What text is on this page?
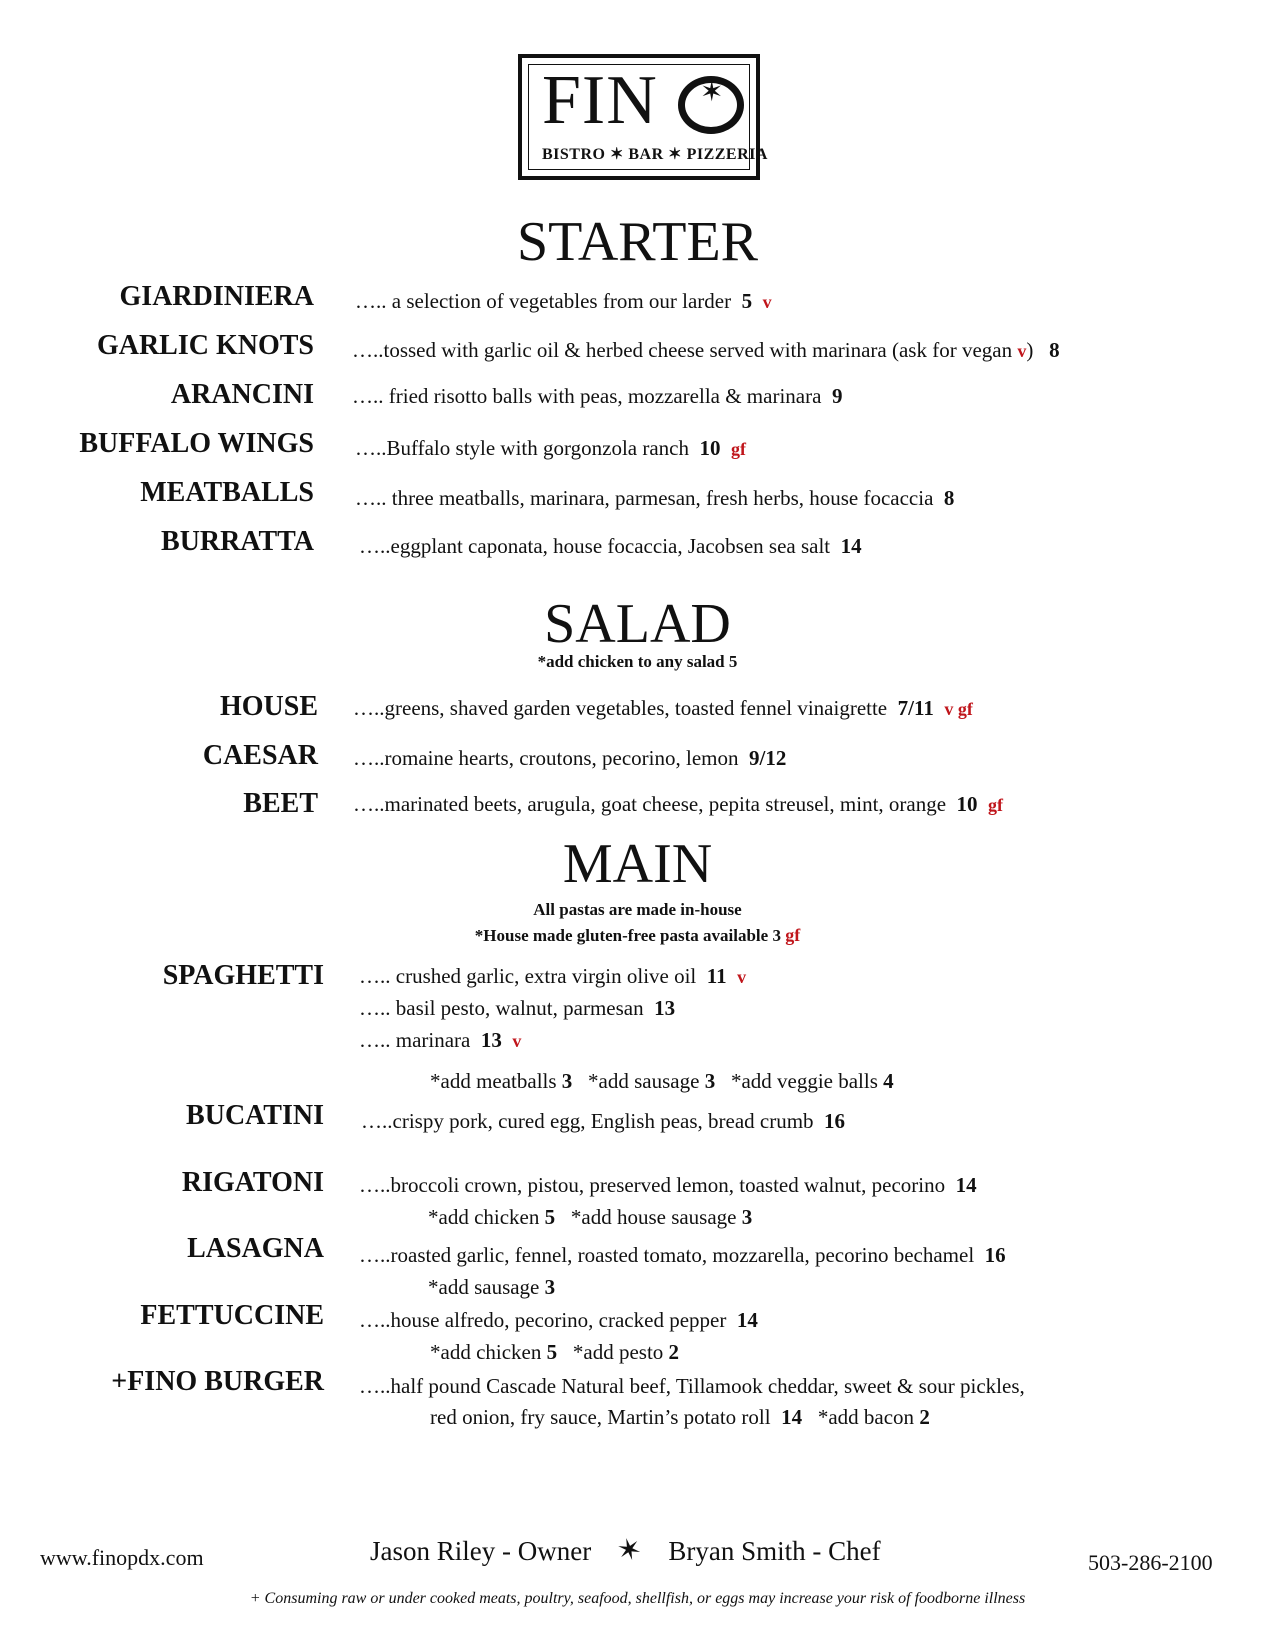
FIN ✶
BISTRO ✶ BAR ✶ PIZZERIA
STARTER
GIARDINIERA ….. a selection of vegetables from our larder 5 v
GARLIC KNOTS …..tossed with garlic oil & herbed cheese served with marinara (ask for vegan v) 8
ARANCINI ….. fried risotto balls with peas, mozzarella & marinara 9
BUFFALO WINGS …..Buffalo style with gorgonzola ranch 10 gf
MEATBALLS ….. three meatballs, marinara, parmesan, fresh herbs, house focaccia 8
BURRATTA …..eggplant caponata, house focaccia, Jacobsen sea salt 14
SALAD
*add chicken to any salad 5
HOUSE …..greens, shaved garden vegetables, toasted fennel vinaigrette 7/11 v gf
CAESAR …..romaine hearts, croutons, pecorino, lemon 9/12
BEET …..marinated beets, arugula, goat cheese, pepita streusel, mint, orange 10 gf
MAIN
All pastas are made in-house
*House made gluten-free pasta available 3 gf
SPAGHETTI ….. crushed garlic, extra virgin olive oil 11 v
….. basil pesto, walnut, parmesan 13
….. marinara 13 v
*add meatballs 3 *add sausage 3 *add veggie balls 4
BUCATINI …..crispy pork, cured egg, English peas, bread crumb 16
RIGATONI …..broccoli crown, pistou, preserved lemon, toasted walnut, pecorino 14
*add chicken 5 *add house sausage 3
LASAGNA …..roasted garlic, fennel, roasted tomato, mozzarella, pecorino bechamel 16
*add sausage 3
FETTUCCINE …..house alfredo, pecorino, cracked pepper 14
*add chicken 5 *add pesto 2
+FINO BURGER …..half pound Cascade Natural beef, Tillamook cheddar, sweet & sour pickles,
red onion, fry sauce, Martin’s potato roll 14 *add bacon 2
www.finopdx.com	Jason Riley - Owner ✶ Bryan Smith - Chef	503-286-2100
+ Consuming raw or under cooked meats, poultry, seafood, shellfish, or eggs may increase your risk of foodborne illness
